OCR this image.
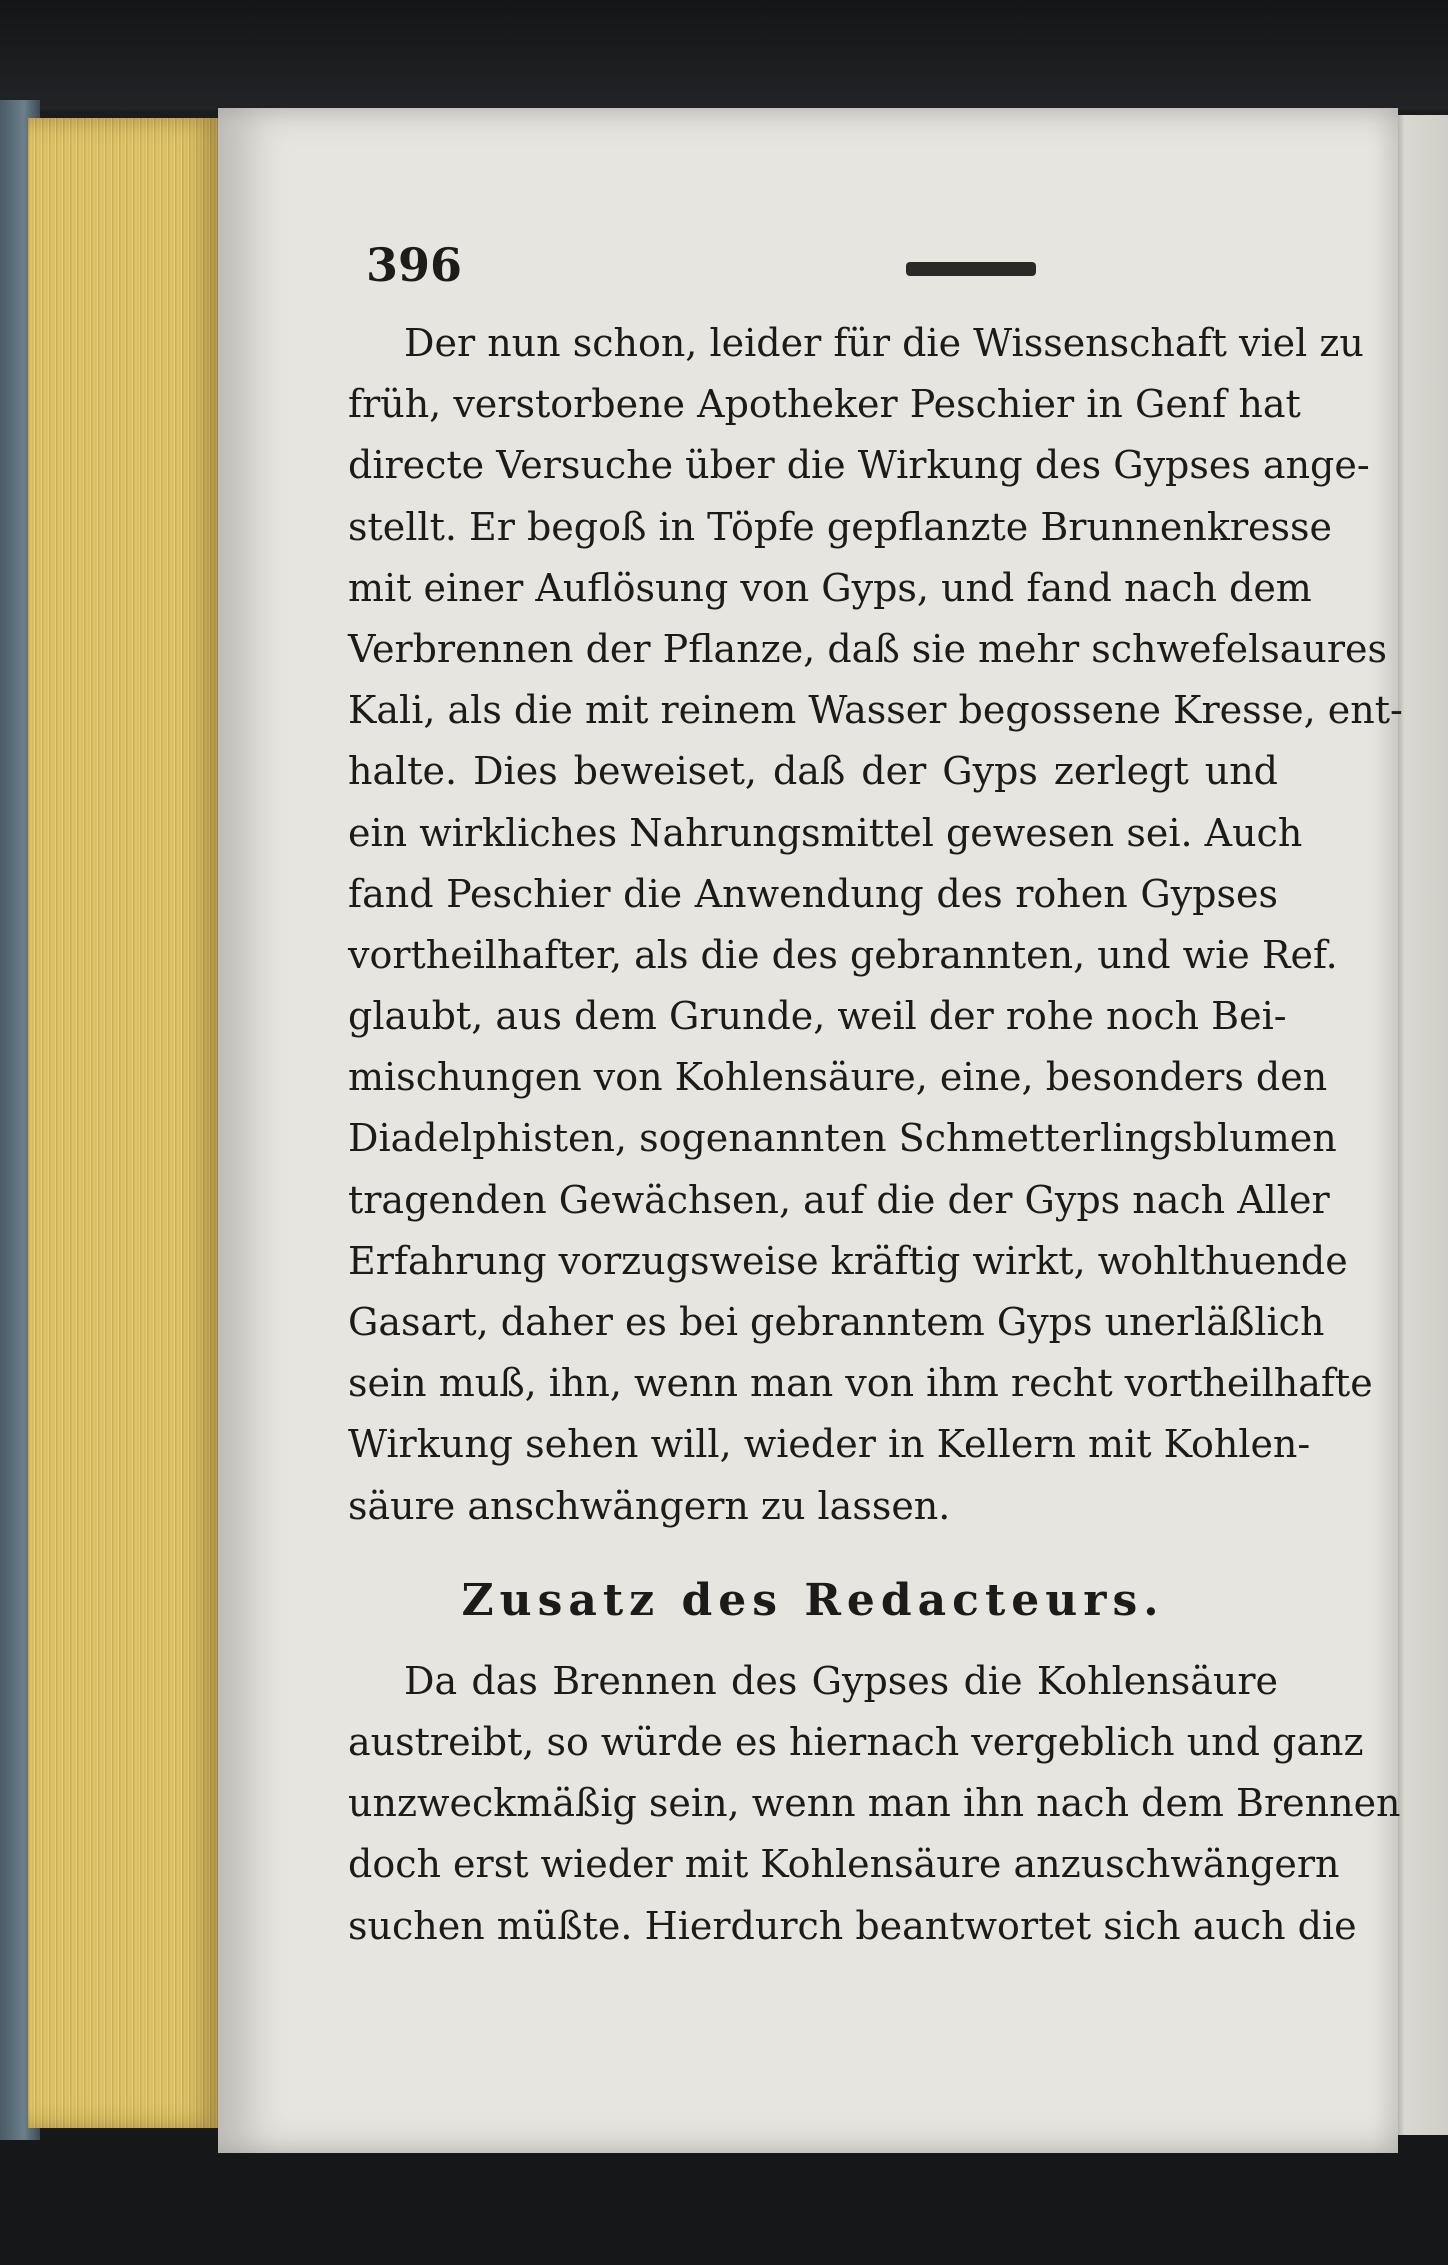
396
Der nun schon, leider für die Wissenschaft viel zu
früh, verstorbene Apotheker Peschier in Genf hat
directe Versuche über die Wirkung des Gypses ange-
stellt. Er begoß in Töpfe gepflanzte Brunnenkresse
mit einer Auflösung von Gyps, und fand nach dem
Verbrennen der Pflanze, daß sie mehr schwefelsaures
Kali, als die mit reinem Wasser begossene Kresse, ent-
halte. Dies beweiset, daß der Gyps zerlegt und
ein wirkliches Nahrungsmittel gewesen sei. Auch
fand Peschier die Anwendung des rohen Gypses
vortheilhafter, als die des gebrannten, und wie Ref.
glaubt, aus dem Grunde, weil der rohe noch Bei-
mischungen von Kohlensäure, eine, besonders den
Diadelphisten, sogenannten Schmetterlingsblumen
tragenden Gewächsen, auf die der Gyps nach Aller
Erfahrung vorzugsweise kräftig wirkt, wohlthuende
Gasart, daher es bei gebranntem Gyps unerläßlich
sein muß, ihn, wenn man von ihm recht vortheilhafte
Wirkung sehen will, wieder in Kellern mit Kohlen-
säure anschwängern zu lassen.
Zusatz des Redacteurs.
Da das Brennen des Gypses die Kohlensäure
austreibt, so würde es hiernach vergeblich und ganz
unzweckmäßig sein, wenn man ihn nach dem Brennen
doch erst wieder mit Kohlensäure anzuschwängern
suchen müßte. Hierdurch beantwortet sich auch die
